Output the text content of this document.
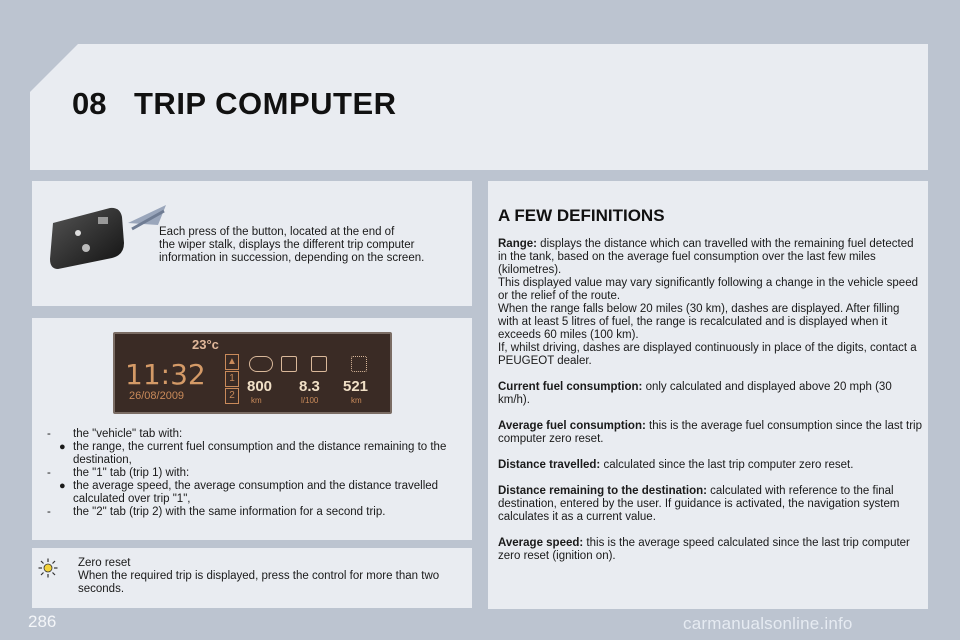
08 TRIP COMPUTER
Each press of the button, located at the end of
the wiper stalk, displays the different trip computer
information in succession, depending on the screen.
23°c
11:32
26/08/2009
▲
1
2
800
km
8.3
l/100
521
km
-	the "vehicle" tab with:
● the range, the current fuel consumption and the distance remaining to the destination,
-	the "1" tab (trip 1) with:
● the average speed, the average consumption and the distance travelled calculated over trip "1",
-	the "2" tab (trip 2) with the same information for a second trip.
Zero reset
When the required trip is displayed, press the control for more than two seconds.
A FEW DEFINITIONS

Range: displays the distance which can travelled with the remaining fuel detected in the tank, based on the average fuel consumption over the last few miles (kilometres).

This displayed value may vary significantly following a change in the vehicle speed or the relief of the route.

When the range falls below 20 miles (30 km), dashes are displayed. After filling with at least 5 litres of fuel, the range is recalculated and is displayed when it exceeds 60 miles (100 km).

If, whilst driving, dashes are displayed continuously in place of the digits, contact a PEUGEOT dealer.

Current fuel consumption: only calculated and displayed above 20 mph (30 km/h).

Average fuel consumption: this is the average fuel consumption since the last trip computer zero reset.

Distance travelled: calculated since the last trip computer zero reset.

Distance remaining to the destination: calculated with reference to the final destination, entered by the user. If guidance is activated, the navigation system calculates it as a current value.

Average speed: this is the average speed calculated since the last trip computer zero reset (ignition on).

286	carmanualsonline.info
